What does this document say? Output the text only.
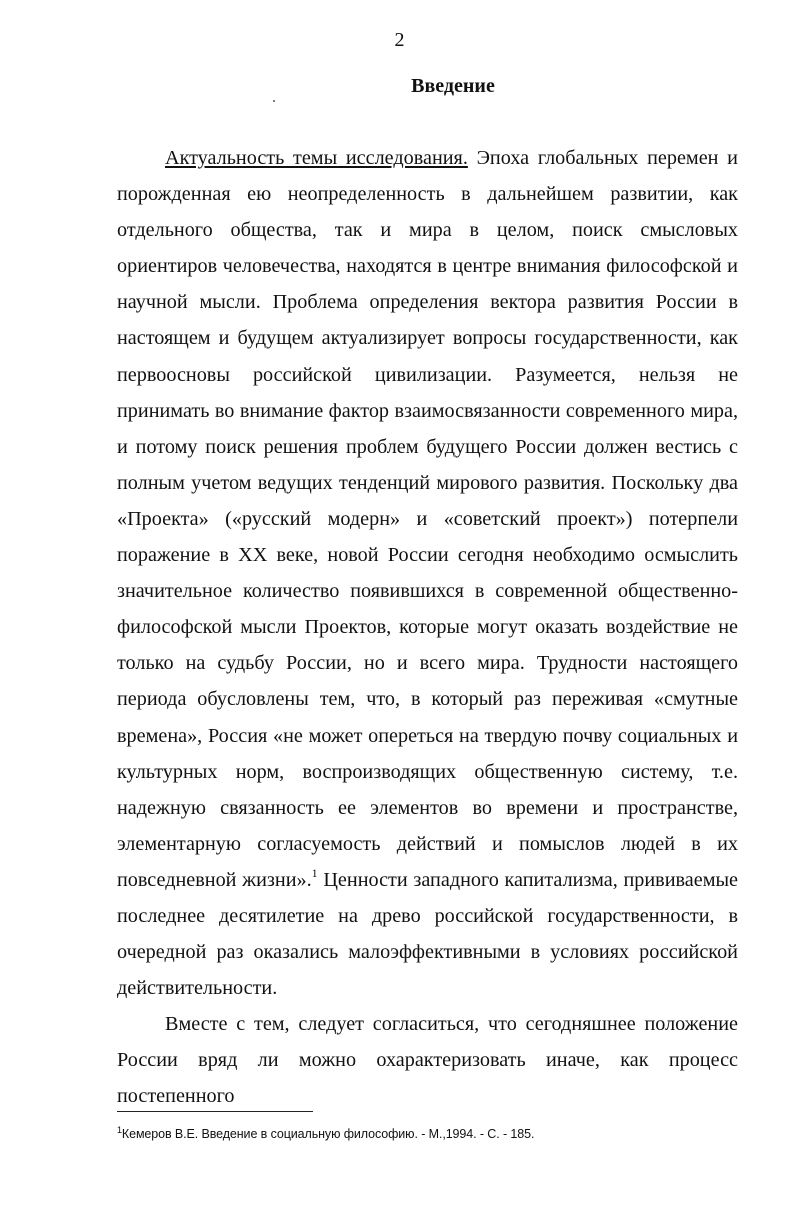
2
Введение

Актуальность темы исследования. Эпоха глобальных перемен и порожденная ею неопределенность в дальнейшем развитии, как отдельного общества, так и мира в целом, поиск смысловых ориентиров человечества, находятся в центре внимания философской и научной мысли. Проблема определения вектора развития России в настоящем и будущем актуализирует вопросы государственности, как первоосновы российской цивилизации. Разумеется, нельзя не принимать во внимание фактор взаимосвязанности современного мира, и потому поиск решения проблем будущего России должен вестись с полным учетом ведущих тенденций мирового развития. Поскольку два «Проекта» («русский модерн» и «советский проект») потерпели поражение в XX веке, новой России сегодня необходимо осмыслить значительное количество появившихся в современной общественно-философской мысли Проектов, которые могут оказать воздействие не только на судьбу России, но и всего мира. Трудности настоящего периода обусловлены тем, что, в который раз переживая «смутные времена», Россия «не может опереться на твердую почву социальных и культурных норм, воспроизводящих общественную систему, т.е. надежную связанность ее элементов во времени и пространстве, элементарную согласуемость действий и помыслов людей в их повседневной жизни».$^1$ Ценности западного капитализма, прививаемые последнее десятилетие на древо российской государственности, в очередной раз оказались малоэффективными в условиях российской действительности.

Вместе с тем, следует согласиться, что сегодняшнее положение России вряд ли можно охарактеризовать иначе, как процесс постепенного

$^1$Кемеров В.Е. Введение в социальную философию. - М.,1994. - С. - 185.
